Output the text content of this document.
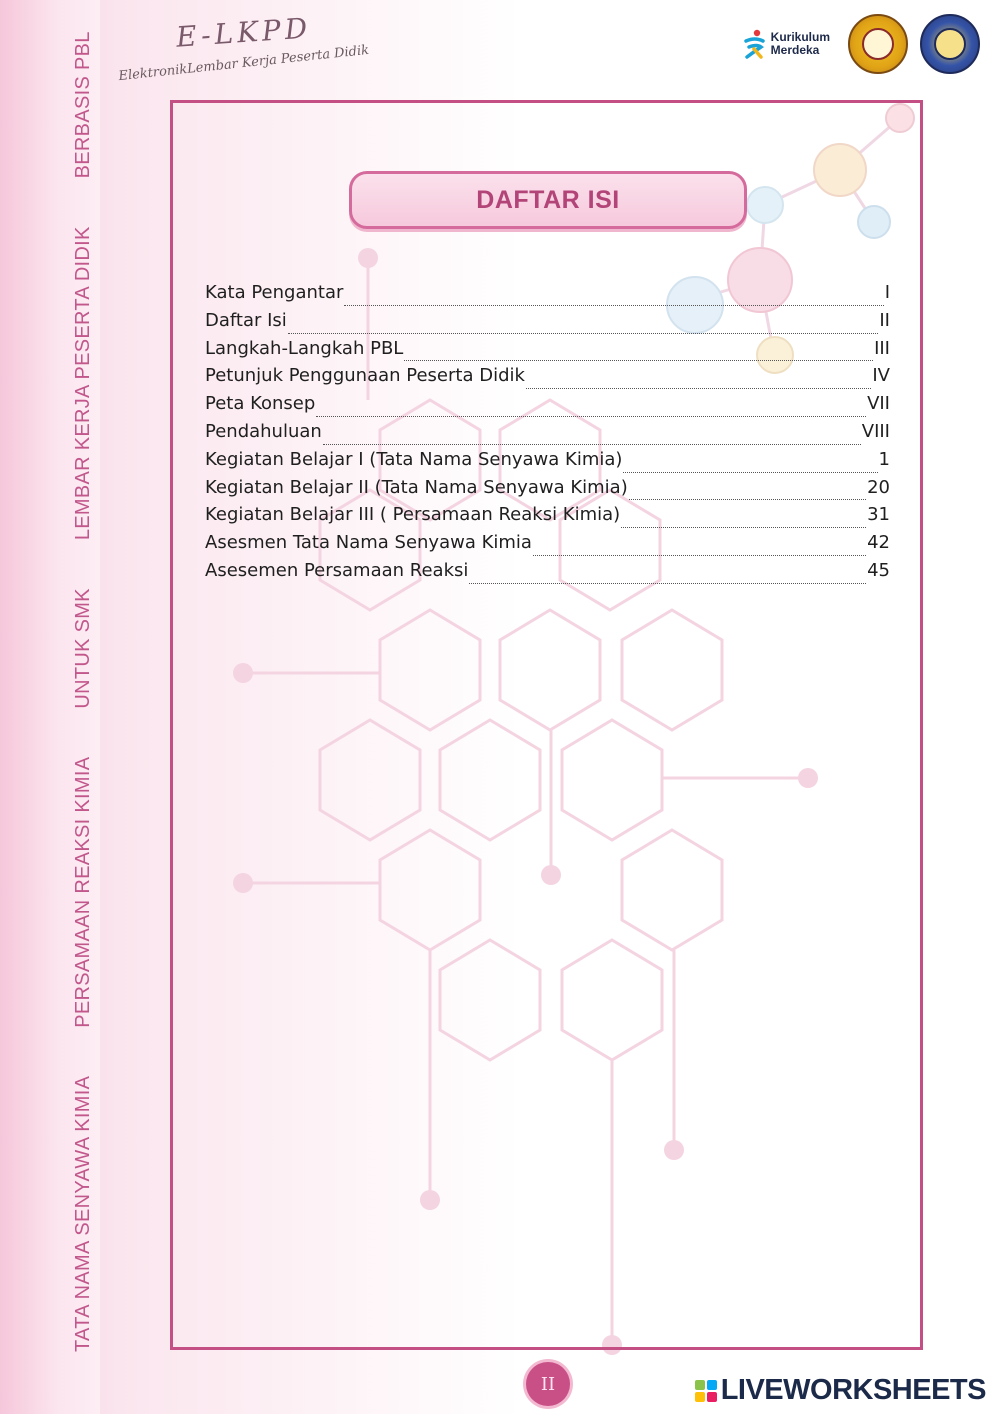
TATA NAMA SENYAWA KIMIA
PERSAMAAN REAKSI KIMIA
UNTUK SMK
LEMBAR KERJA PESERTA DIDIK
BERBASIS PBL	E-LKPD
ElektronikLembar Kerja Peserta Didik
Kurikulum
Merdeka
DAFTAR ISI
Kata Pengantar	I
Daftar Isi	II
Langkah-Langkah PBL	III
Petunjuk Penggunaan Peserta Didik	IV
Peta Konsep	VII
Pendahuluan	VIII
Kegiatan Belajar I (Tata Nama Senyawa Kimia)	1
Kegiatan Belajar II (Tata Nama Senyawa Kimia)	20
Kegiatan Belajar III ( Persamaan Reaksi Kimia)	31
Asesmen Tata Nama Senyawa Kimia	42
Asesemen Persamaan Reaksi	45
II	LIVEWORKSHEETS
